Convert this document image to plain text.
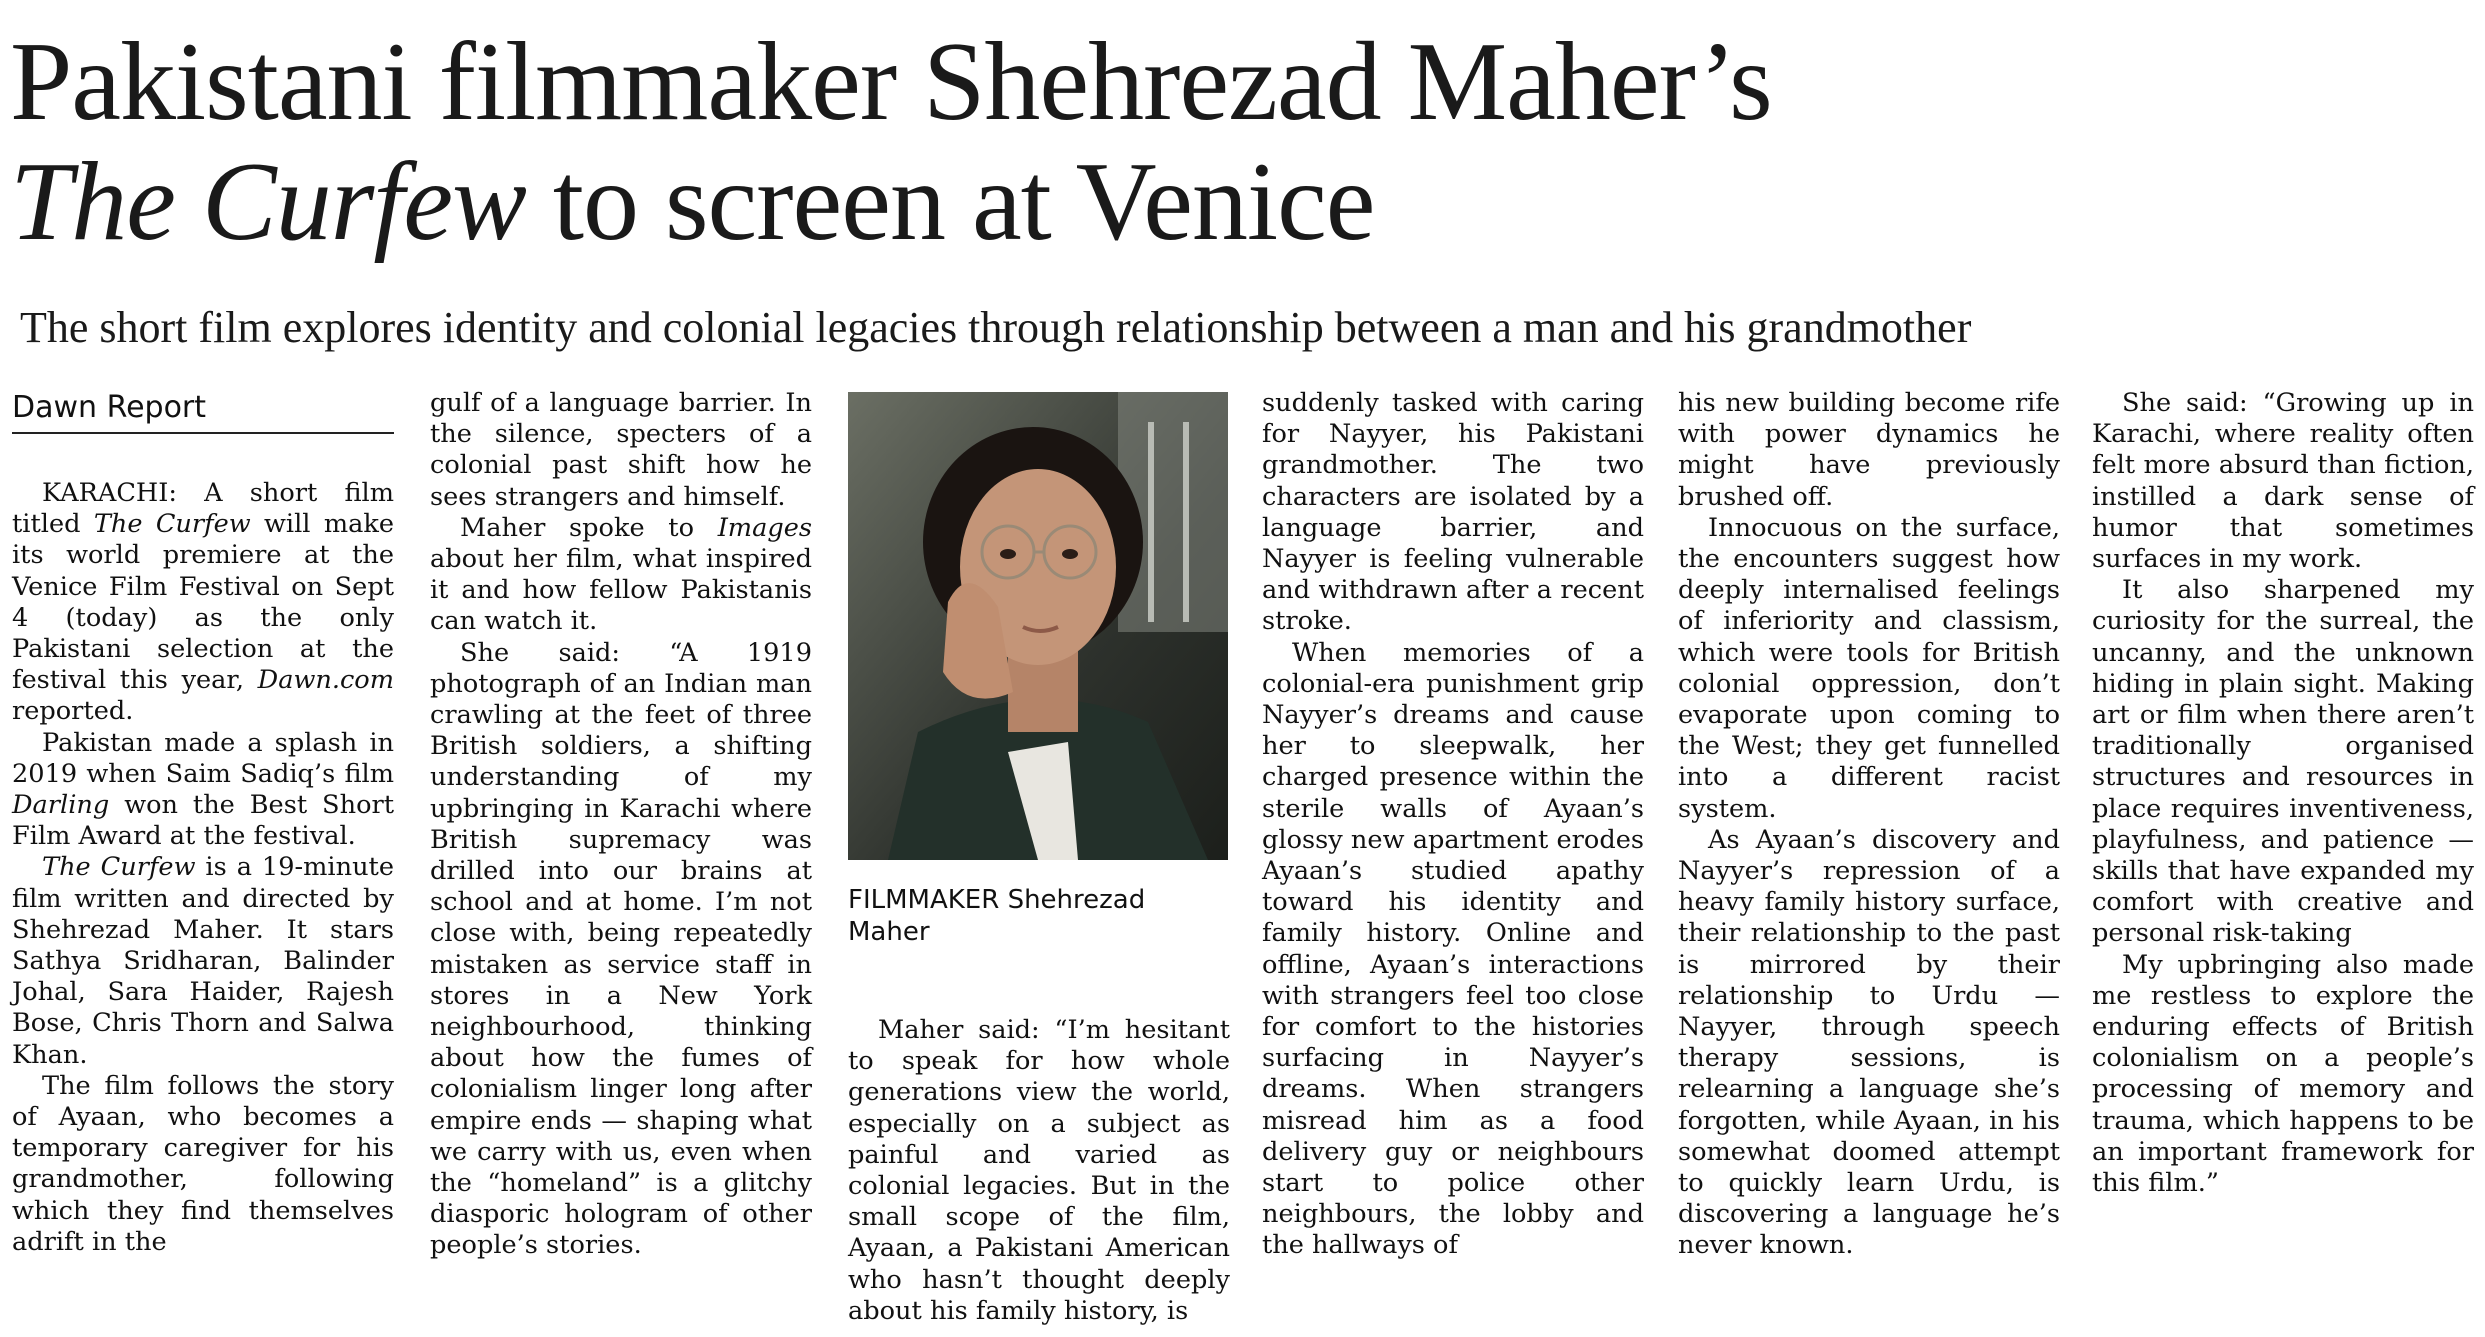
Pakistani filmmaker Shehrezad Maher’s
The Curfew to screen at Venice
The short film explores identity and colonial legacies through relationship between a man and his grandmother
Dawn Report

KARACHI: A short film titled The Curfew will make its world premiere at the Venice Film Festival on Sept 4 (today) as the only Pakistani selection at the festival this year, Dawn.com reported.

Pakistan made a splash in 2019 when Saim Sadiq’s film Darling won the Best Short Film Award at the festival.

The Curfew is a 19-minute film written and directed by Shehrezad Maher. It stars Sathya Sridharan, Balinder Johal, Sara Haider, Rajesh Bose, Chris Thorn and Salwa Khan.

The film follows the story of Ayaan, who becomes a temporary caregiver for his grandmother, following which they find themselves adrift in the

gulf of a language barrier. In the silence, specters of a colonial past shift how he sees strangers and himself.

Maher spoke to Images about her film, what inspired it and how fellow Pakistanis can watch it.

She said: “A 1919 photograph of an Indian man crawling at the feet of three British soldiers, a shifting understanding of my upbringing in Karachi where British supremacy was drilled into our brains at school and at home. I’m not close with, being repeatedly mistaken as service staff in stores in a New York neighbourhood, thinking about how the fumes of colonialism linger long after empire ends — shaping what we carry with us, even when the “homeland” is a glitchy diasporic hologram of other people’s stories.

FILMMAKER Shehrezad Maher

Maher said: “I’m hesitant to speak for how whole generations view the world, especially on a subject as painful and varied as colonial legacies. But in the small scope of the film, Ayaan, a Pakistani American who hasn’t thought deeply about his family history, is

suddenly tasked with caring for Nayyer, his Pakistani grandmother. The two characters are isolated by a language barrier, and Nayyer is feeling vulnerable and withdrawn after a recent stroke.

When memories of a colonial-era punishment grip Nayyer’s dreams and cause her to sleepwalk, her charged presence within the sterile walls of Ayaan’s glossy new apartment erodes Ayaan’s studied apathy toward his identity and family history. Online and offline, Ayaan’s interactions with strangers feel too close for comfort to the histories surfacing in Nayyer’s dreams. When strangers misread him as a food delivery guy or neighbours start to police other neighbours, the lobby and the hallways of

his new building become rife with power dynamics he might have previously brushed off.

Innocuous on the surface, the encounters suggest how deeply internalised feelings of inferiority and classism, which were tools for British colonial oppression, don’t evaporate upon coming to the West; they get funnelled into a different racist system.

As Ayaan’s discovery and Nayyer’s repression of a heavy family history surface, their relationship to the past is mirrored by their relationship to Urdu — Nayyer, through speech therapy sessions, is relearning a language she’s forgotten, while Ayaan, in his somewhat doomed attempt to quickly learn Urdu, is discovering a language he’s never known.

She said: “Growing up in Karachi, where reality often felt more absurd than fiction, instilled a dark sense of humor that sometimes surfaces in my work.

It also sharpened my curiosity for the surreal, the uncanny, and the unknown hiding in plain sight. Making art or film when there aren’t traditionally organised structures and resources in place requires inventiveness, playfulness, and patience — skills that have expanded my comfort with creative and personal risk-taking

My upbringing also made me restless to explore the enduring effects of British colonialism on a people’s processing of memory and trauma, which happens to be an important framework for this film.”
